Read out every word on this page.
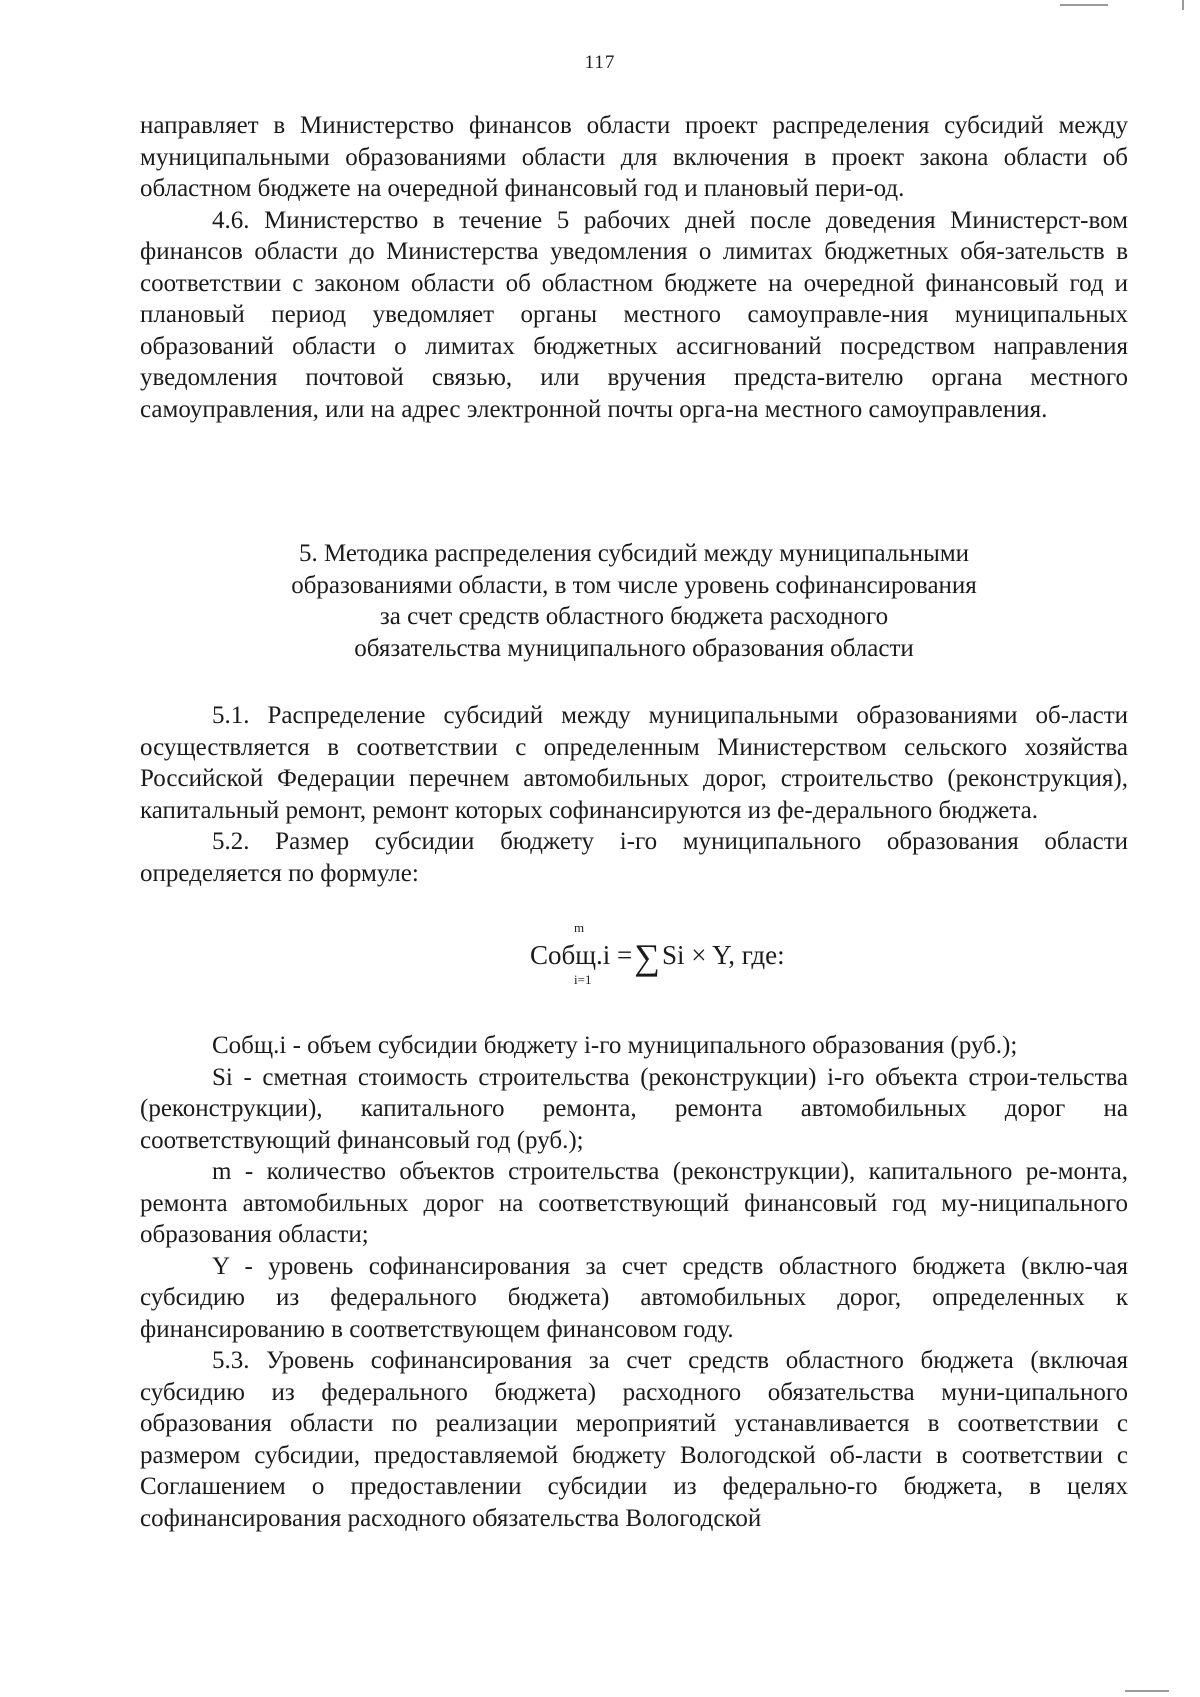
117

направляет в Министерство финансов области проект распределения субсидий между муниципальными образованиями области для включения в проект закона области об областном бюджете на очередной финансовый год и плановый пери-од.

4.6. Министерство в течение 5 рабочих дней после доведения Министерст-вом финансов области до Министерства уведомления о лимитах бюджетных обя-зательств в соответствии с законом области об областном бюджете на очередной финансовый год и плановый период уведомляет органы местного самоуправле-ния муниципальных образований области о лимитах бюджетных ассигнований посредством направления уведомления почтовой связью, или вручения предста-вителю органа местного самоуправления, или на адрес электронной почты орга-на местного самоуправления.

5. Методика распределения субсидий между муниципальными
образованиями области, в том числе уровень софинансирования
за счет средств областного бюджета расходного
обязательства муниципального образования области

5.1. Распределение субсидий между муниципальными образованиями об-ласти осуществляется в соответствии с определенным Министерством сельского хозяйства Российской Федерации перечнем автомобильных дорог, строительство (реконструкция), капитальный ремонт, ремонт которых софинансируются из фе-дерального бюджета.

5.2. Размер субсидии бюджету i-го муниципального образования области определяется по формуле:

m
Собщ.i =∑Si × Y, где:
i=1

Собщ.i - объем субсидии бюджету i-го муниципального образования (руб.);

Si - сметная стоимость строительства (реконструкции) i-го объекта строи-тельства (реконструкции), капитального ремонта, ремонта автомобильных дорог на соответствующий финансовый год (руб.);

m - количество объектов строительства (реконструкции), капитального ре-монта, ремонта автомобильных дорог на соответствующий финансовый год му-ниципального образования области;

Y - уровень софинансирования за счет средств областного бюджета (вклю-чая субсидию из федерального бюджета) автомобильных дорог, определенных к финансированию в соответствующем финансовом году.

5.3. Уровень софинансирования за счет средств областного бюджета (включая субсидию из федерального бюджета) расходного обязательства муни-ципального образования области по реализации мероприятий устанавливается в соответствии с размером субсидии, предоставляемой бюджету Вологодской об-ласти в соответствии с Соглашением о предоставлении субсидии из федерально-го бюджета, в целях софинансирования расходного обязательства Вологодской
